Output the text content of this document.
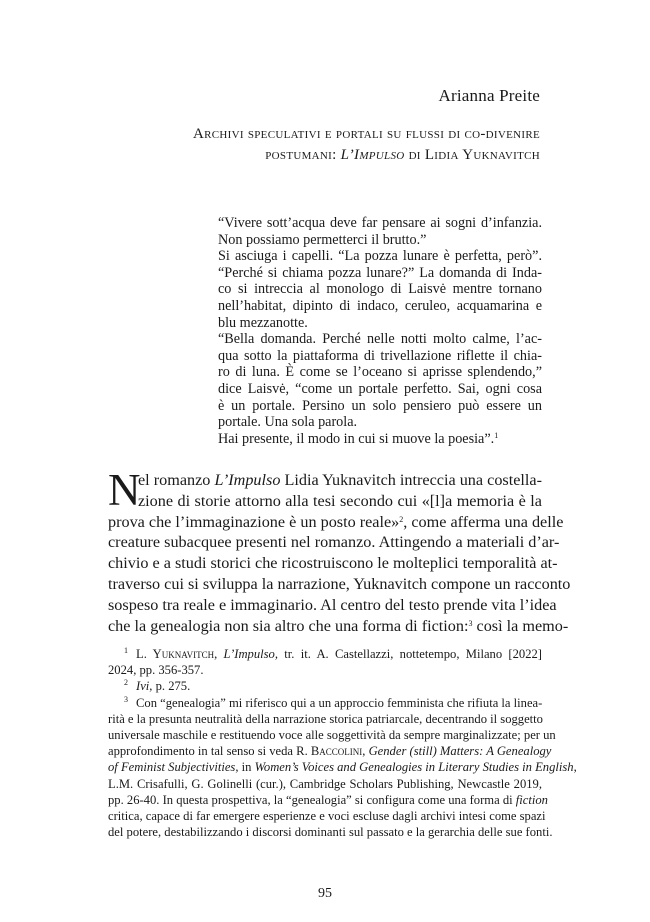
Arianna Preite
Archivi speculativi e portali su flussi di co-divenire
postumani: L’Impulso di Lidia Yuknavitch
“Vivere sott’acqua deve far pensare ai sogni d’infanzia.
Non possiamo permetterci il brutto.”
Si asciuga i capelli. “La pozza lunare è perfetta, però”.
“Perché si chiama pozza lunare?” La domanda di Inda-
co si intreccia al monologo di Laisvė mentre tornano
nell’habitat, dipinto di indaco, ceruleo, acquamarina e
blu mezzanotte.
“Bella domanda. Perché nelle notti molto calme, l’ac-
qua sotto la piattaforma di trivellazione riflette il chia-
ro di luna. È come se l’oceano si aprisse splendendo,”
dice Laisvė, “come un portale perfetto. Sai, ogni cosa
è un portale. Persino un solo pensiero può essere un
portale. Una sola parola.
Hai presente, il modo in cui si muove la poesia”.$^1$
N
el romanzo L’Impulso Lidia Yuknavitch intreccia una costella-
zione di storie attorno alla tesi secondo cui «[l]a memoria è la
prova che l’immaginazione è un posto reale»$^2$, come afferma una delle
creature subacquee presenti nel romanzo. Attingendo a materiali d’ar-
chivio e a studi storici che ricostruiscono le molteplici temporalità at-
traverso cui si sviluppa la narrazione, Yuknavitch compone un racconto
sospeso tra reale e immaginario. Al centro del testo prende vita l’idea
che la genealogia non sia altro che una forma di fiction:$^3$ così la memo-
$^1$ L. Yuknavitch, L’Impulso, tr. it. A. Castellazzi, nottetempo, Milano [2022]
2024, pp. 356-357.
$^2$ Ivi, p. 275.
$^3$ Con “genealogia” mi riferisco qui a un approccio femminista che rifiuta la linea-
rità e la presunta neutralità della narrazione storica patriarcale, decentrando il soggetto
universale maschile e restituendo voce alle soggettività da sempre marginalizzate; per un
approfondimento in tal senso si veda R. Baccolini, Gender (still) Matters: A Genealogy
of Feminist Subjectivities, in Women’s Voices and Genealogies in Literary Studies in English,
L.M. Crisafulli, G. Golinelli (cur.), Cambridge Scholars Publishing, Newcastle 2019,
pp. 26-40. In questa prospettiva, la “genealogia” si configura come una forma di fiction
critica, capace di far emergere esperienze e voci escluse dagli archivi intesi come spazi
del potere, destabilizzando i discorsi dominanti sul passato e la gerarchia delle sue fonti.
95
